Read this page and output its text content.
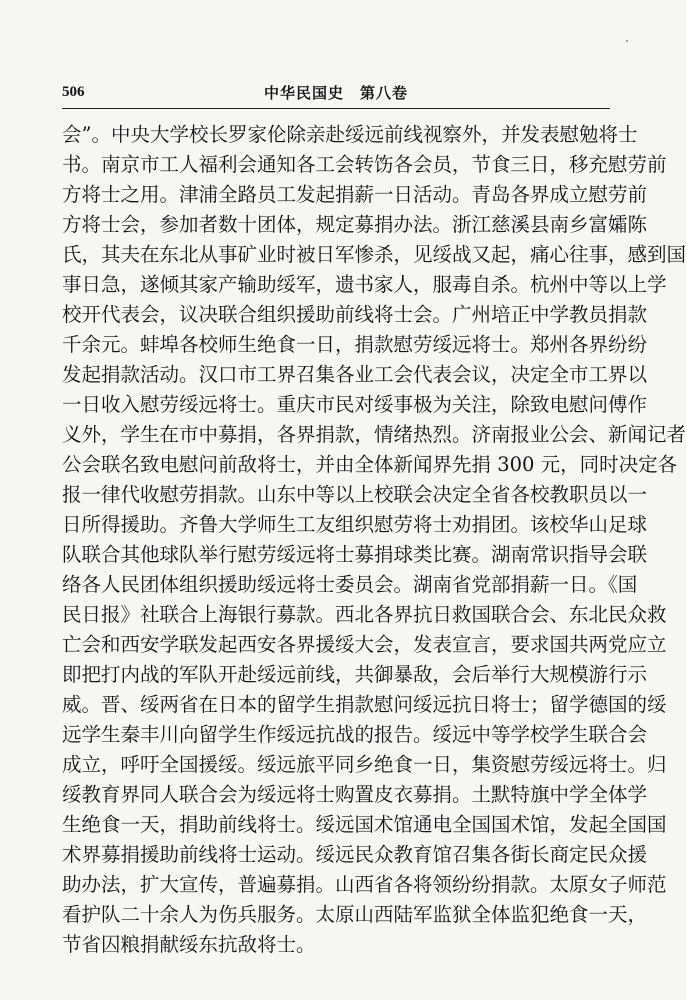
506	中华民国史　第八卷
会”。中央大学校长罗家伦除亲赴绥远前线视察外，并发表慰勉将士
书。南京市工人福利会通知各工会转饬各会员，节食三日，移充慰劳前
方将士之用。津浦全路员工发起捐薪一日活动。青岛各界成立慰劳前
方将士会，参加者数十团体，规定募捐办法。浙江慈溪县南乡富孀陈
氏，其夫在东北从事矿业时被日军惨杀，见绥战又起，痛心往事，感到国
事日急，遂倾其家产输助绥军，遗书家人，服毒自杀。杭州中等以上学
校开代表会，议决联合组织援助前线将士会。广州培正中学教员捐款
千余元。蚌埠各校师生绝食一日，捐款慰劳绥远将士。郑州各界纷纷
发起捐款活动。汉口市工界召集各业工会代表会议，决定全市工界以
一日收入慰劳绥远将士。重庆市民对绥事极为关注，除致电慰问傅作
义外，学生在市中募捐，各界捐款，情绪热烈。济南报业公会、新闻记者
公会联名致电慰问前敌将士，并由全体新闻界先捐 300 元，同时决定各
报一律代收慰劳捐款。山东中等以上校联会决定全省各校教职员以一
日所得援助。齐鲁大学师生工友组织慰劳将士劝捐团。该校华山足球
队联合其他球队举行慰劳绥远将士募捐球类比赛。湖南常识指导会联
络各人民团体组织援助绥远将士委员会。湖南省党部捐薪一日。《国
民日报》社联合上海银行募款。西北各界抗日救国联合会、东北民众救
亡会和西安学联发起西安各界援绥大会，发表宣言，要求国共两党应立
即把打内战的军队开赴绥远前线，共御暴敌，会后举行大规模游行示
威。晋、绥两省在日本的留学生捐款慰问绥远抗日将士；留学德国的绥
远学生秦丰川向留学生作绥远抗战的报告。绥远中等学校学生联合会
成立，呼吁全国援绥。绥远旅平同乡绝食一日，集资慰劳绥远将士。归
绥教育界同人联合会为绥远将士购置皮衣募捐。土默特旗中学全体学
生绝食一天，捐助前线将士。绥远国术馆通电全国国术馆，发起全国国
术界募捐援助前线将士运动。绥远民众教育馆召集各街长商定民众援
助办法，扩大宣传，普遍募捐。山西省各将领纷纷捐款。太原女子师范
看护队二十余人为伤兵服务。太原山西陆军监狱全体监犯绝食一天，
节省囚粮捐献绥东抗敌将士。
